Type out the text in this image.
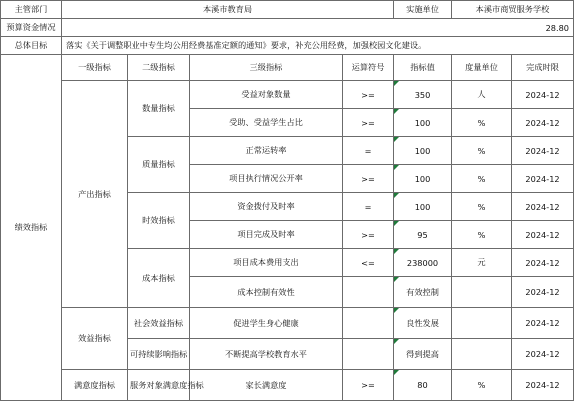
主管部门	本溪市教育局				实施单位	本溪市商贸服务学校	
预算资金情况	28.80						
总体目标	落实《关于调整职业中专生均公用经费基准定额的通知》要求，补充公用经费，加强校园文化建设。						
绩效指标	一级指标	二级指标	三级指标	运算符号	指标值	度量单位	完成时限
	产出指标	数量指标	受益对象数量	>=	350	人	2024-12
			受助、受益学生占比	>=	100	%	2024-12
		质量指标	正常运转率	=	100	%	2024-12
			项目执行情况公开率	>=	100	%	2024-12
		时效指标	资金拨付及时率	=	100	%	2024-12
			项目完成及时率	>=	95	%	2024-12
		成本指标	项目成本费用支出	<=	238000	元	2024-12
			成本控制有效性		有效控制		2024-12
	效益指标	社会效益指标	促进学生身心健康		良性发展		2024-12
		可持续影响指标	不断提高学校教育水平		得到提高		2024-12
	满意度指标	服务对象满意度指标	家长满意度	>=	80	%	2024-12
